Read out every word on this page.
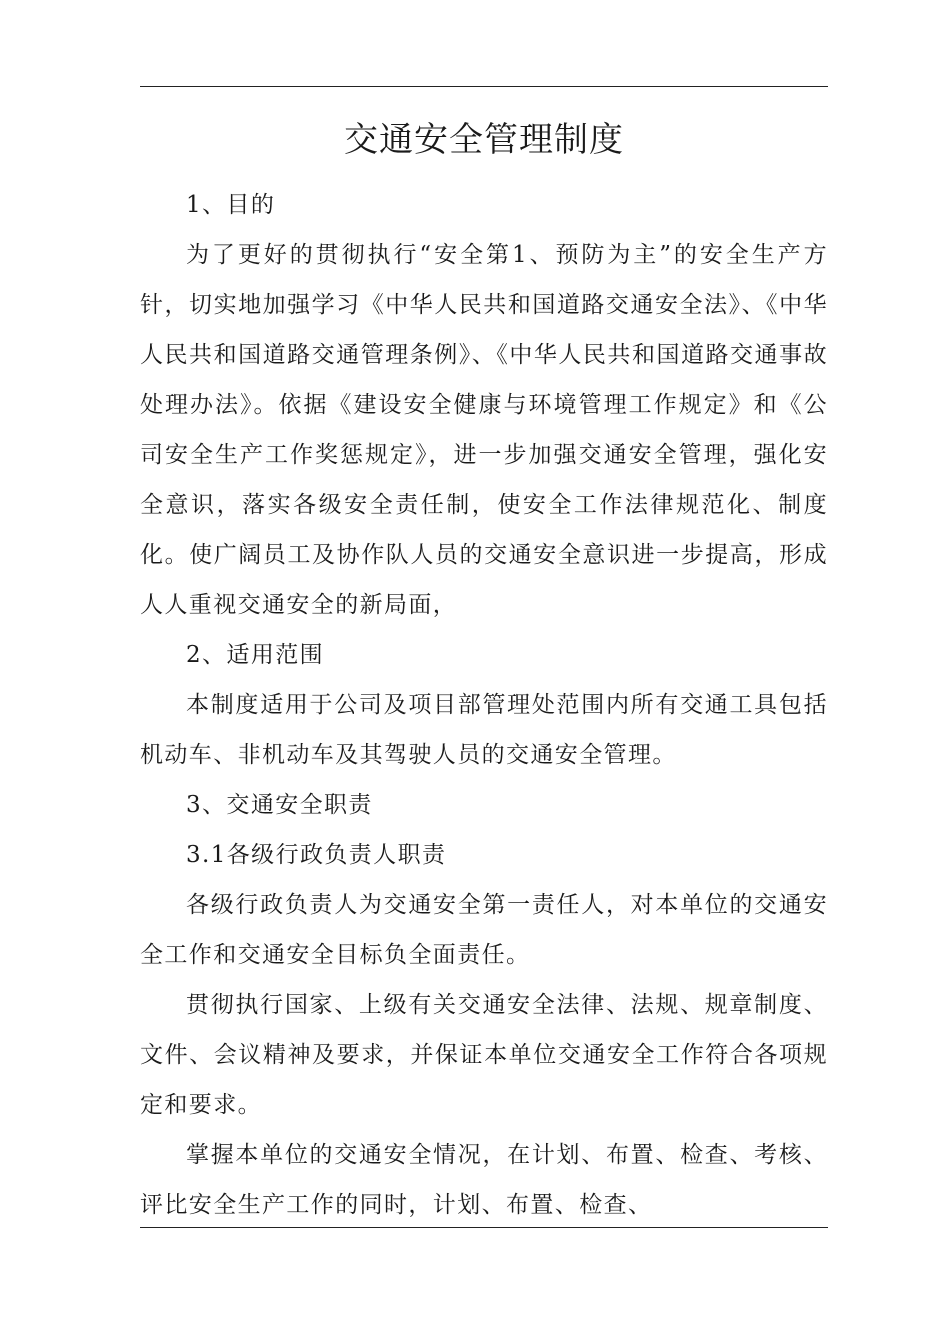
交通安全管理制度

1、目的

为了更好的贯彻执行“安全第1、预防为主”的安全生产方针，切实地加强学习《中华人民共和国道路交通安全法》、《中华人民共和国道路交通管理条例》、《中华人民共和国道路交通事故处理办法》。依据《建设安全健康与环境管理工作规定》和《公司安全生产工作奖惩规定》，进一步加强交通安全管理，强化安全意识，落实各级安全责任制，使安全工作法律规范化、制度化。使广阔员工及协作队人员的交通安全意识进一步提高，形成人人重视交通安全的新局面，

2、适用范围

本制度适用于公司及项目部管理处范围内所有交通工具包括机动车、非机动车及其驾驶人员的交通安全管理。

3、交通安全职责

3.1各级行政负责人职责

各级行政负责人为交通安全第一责任人，对本单位的交通安全工作和交通安全目标负全面责任。

贯彻执行国家、上级有关交通安全法律、法规、规章制度、文件、会议精神及要求，并保证本单位交通安全工作符合各项规定和要求。

掌握本单位的交通安全情况，在计划、布置、检查、考核、评比安全生产工作的同时，计划、布置、检查、
